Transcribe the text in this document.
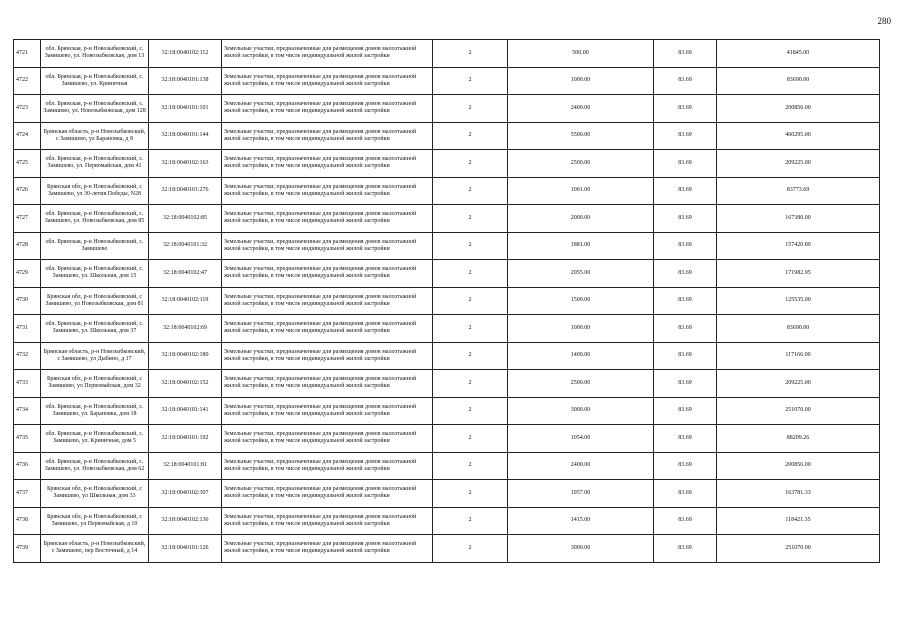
280
4721	обл. Брянская, р-н Новозыбковский, с. Замишево, ул. Новозыбковская, дом 13	32:18:0040102:112	Земельные участки, предназначенные для размещения домов малоэтажной жилой застройки, в том числе индивидуальной жилой застройки	2	500.00	83.69	41845.00
4722	обл. Брянская, р-н Новозыбковский, с. Замишево, ул. Криничная	32:18:0040101:138	Земельные участки, предназначенные для размещения домов малоэтажной жилой застройки, в том числе индивидуальной жилой застройки	2	1000.00	83.69	83690.00
4723	обл. Брянская, р-н Новозыбковский, с. Замишево, ул. Новозыбковская, дом 128	32:18:0040101:101	Земельные участки, предназначенные для размещения домов малоэтажной жилой застройки, в том числе индивидуальной жилой застройки	2	2400.00	83.69	200856.00
4724	Брянская область, р-н Новозыбковский, с Замишево, ул Барановка, д 8	32:18:0040101:144	Земельные участки, предназначенные для размещения домов малоэтажной жилой застройки, в том числе индивидуальной жилой застройки	2	5500.00	83.69	460295.00
4725	обл. Брянская, р-н Новозыбковский, с. Замишево, ул. Первомайская, дом 41	32:18:0040102:163	Земельные участки, предназначенные для размещения домов малоэтажной жилой застройки, в том числе индивидуальной жилой застройки	2	2500.00	83.69	209225.00
4726	Брянская обл, р-н Новозыбковский, с Замишево, ул 30-летия Победы, N28	32:18:0040101:276	Земельные участки, предназначенные для размещения домов малоэтажной жилой застройки, в том числе индивидуальной жилой застройки	2	1001.00	83.69	83773.69
4727	обл. Брянская, р-н Новозыбковский, с. Замишево, ул. Новозыбковская, дом 85	32:18:0040102:85	Земельные участки, предназначенные для размещения домов малоэтажной жилой застройки, в том числе индивидуальной жилой застройки	2	2000.00	83.69	167380.00
4728	обл. Брянская, р-н Новозыбковский, с. Замишево	32:18:0040101:32	Земельные участки, предназначенные для размещения домов малоэтажной жилой застройки, в том числе индивидуальной жилой застройки	2	1881.00	83.69	157420.89
4729	обл. Брянская, р-н Новозыбковский, с. Замишево, ул. Школьная, дом 15	32:18:0040102:47	Земельные участки, предназначенные для размещения домов малоэтажной жилой застройки, в том числе индивидуальной жилой застройки	2	2055.00	83.69	171982.95
4730	Брянская обл, р-н Новозыбковский, с Замишево, ул Новозыбковская, дом 81	32:18:0040102:119	Земельные участки, предназначенные для размещения домов малоэтажной жилой застройки, в том числе индивидуальной жилой застройки	2	1500.00	83.69	125535.00
4731	обл. Брянская, р-н Новозыбковский, с. Замишево, ул. Школьная, дом 37	32:18:0040102:69	Земельные участки, предназначенные для размещения домов малоэтажной жилой застройки, в том числе индивидуальной жилой застройки	2	1000.00	83.69	83690.00
4732	Брянская область, р-н Новозыбковский, с Замишево, ул Дыбино, д 17	32:18:0040102:180	Земельные участки, предназначенные для размещения домов малоэтажной жилой застройки, в том числе индивидуальной жилой застройки	2	1400.00	83.69	117166.00
4733	Брянская обл, р-н Новозыбковский, с Замишево, ул Первомайская, дом 32	32:18:0040102:152	Земельные участки, предназначенные для размещения домов малоэтажной жилой застройки, в том числе индивидуальной жилой застройки	2	2500.00	83.69	209225.00
4734	обл. Брянская, р-н Новозыбковский, с. Замишево, ул. Барановка, дом 18	32:18:0040101:141	Земельные участки, предназначенные для размещения домов малоэтажной жилой застройки, в том числе индивидуальной жилой застройки	2	3000.00	83.69	251070.00
4735	обл. Брянская, р-н Новозыбковский, с. Замишево, ул. Криничная, дом 5	32:18:0040101:192	Земельные участки, предназначенные для размещения домов малоэтажной жилой застройки, в том числе индивидуальной жилой застройки	2	1054.00	83.69	88209.26
4736	обл. Брянская, р-н Новозыбковский, с. Замишево, ул. Новозыбковская, дом 62	32:18:0040101:81	Земельные участки, предназначенные для размещения домов малоэтажной жилой застройки, в том числе индивидуальной жилой застройки	2	2400.00	83.69	200856.00
4737	Брянская обл, р-н Новозыбковский, с Замишево, ул Школьная, дом 33	32:18:0040102:307	Земельные участки, предназначенные для размещения домов малоэтажной жилой застройки, в том числе индивидуальной жилой застройки	2	1957.00	83.69	163781.33
4738	Брянская обл, р-н Новозыбковский, с Замишево, ул Первомайская, д 10	32:18:0040102:136	Земельные участки, предназначенные для размещения домов малоэтажной жилой застройки, в том числе индивидуальной жилой застройки	2	1415.00	83.69	118421.35
4739	Брянская область, р-н Новозыбковский, с Замишево, пер Восточный, д 14	32:18:0040101:126	Земельные участки, предназначенные для размещения домов малоэтажной жилой застройки, в том числе индивидуальной жилой застройки	2	3000.00	83.69	251070.00
